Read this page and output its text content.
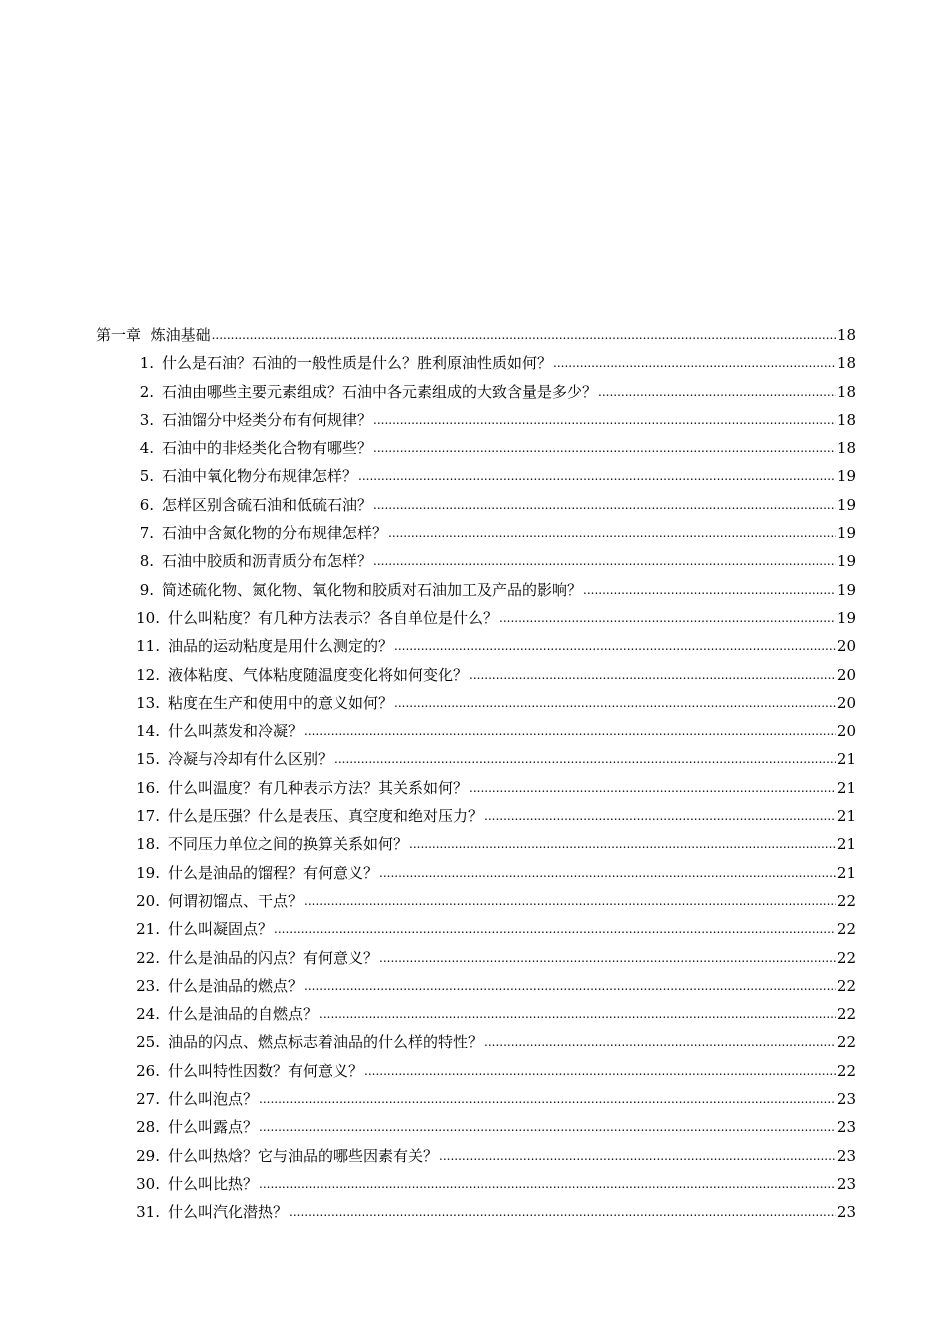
第一章 炼油基础 .....	18
1. 什么是石油？石油的一般性质是什么？胜利原油性质如何？ .....	18
2. 石油由哪些主要元素组成？石油中各元素组成的大致含量是多少？ .....	18
3. 石油馏分中烃类分布有何规律？ .....	18
4. 石油中的非烃类化合物有哪些？ .....	18
5. 石油中氧化物分布规律怎样？ .....	19
6. 怎样区别含硫石油和低硫石油？ .....	19
7. 石油中含氮化物的分布规律怎样？ .....	19
8. 石油中胶质和沥青质分布怎样？ .....	19
9. 简述硫化物、氮化物、氧化物和胶质对石油加工及产品的影响？ .....	19
10. 什么叫粘度？有几种方法表示？各自单位是什么？ .....	19
11. 油品的运动粘度是用什么测定的？ .....	20
12. 液体粘度、气体粘度随温度变化将如何变化？ .....	20
13. 粘度在生产和使用中的意义如何？ .....	20
14. 什么叫蒸发和冷凝？ .....	20
15. 冷凝与冷却有什么区别？ .....	21
16. 什么叫温度？有几种表示方法？其关系如何？ .....	21
17. 什么是压强？什么是表压、真空度和绝对压力？ .....	21
18. 不同压力单位之间的换算关系如何？ .....	21
19. 什么是油品的馏程？有何意义？ .....	21
20. 何谓初馏点、干点？ .....	22
21. 什么叫凝固点？ .....	22
22. 什么是油品的闪点？有何意义？ .....	22
23. 什么是油品的燃点？ .....	22
24. 什么是油品的自燃点？ .....	22
25. 油品的闪点、燃点标志着油品的什么样的特性？ .....	22
26. 什么叫特性因数？有何意义？ .....	22
27. 什么叫泡点？ .....	23
28. 什么叫露点？ .....	23
29. 什么叫热焓？它与油品的哪些因素有关？ .....	23
30. 什么叫比热？ .....	23
31. 什么叫汽化潜热？ .....	23
